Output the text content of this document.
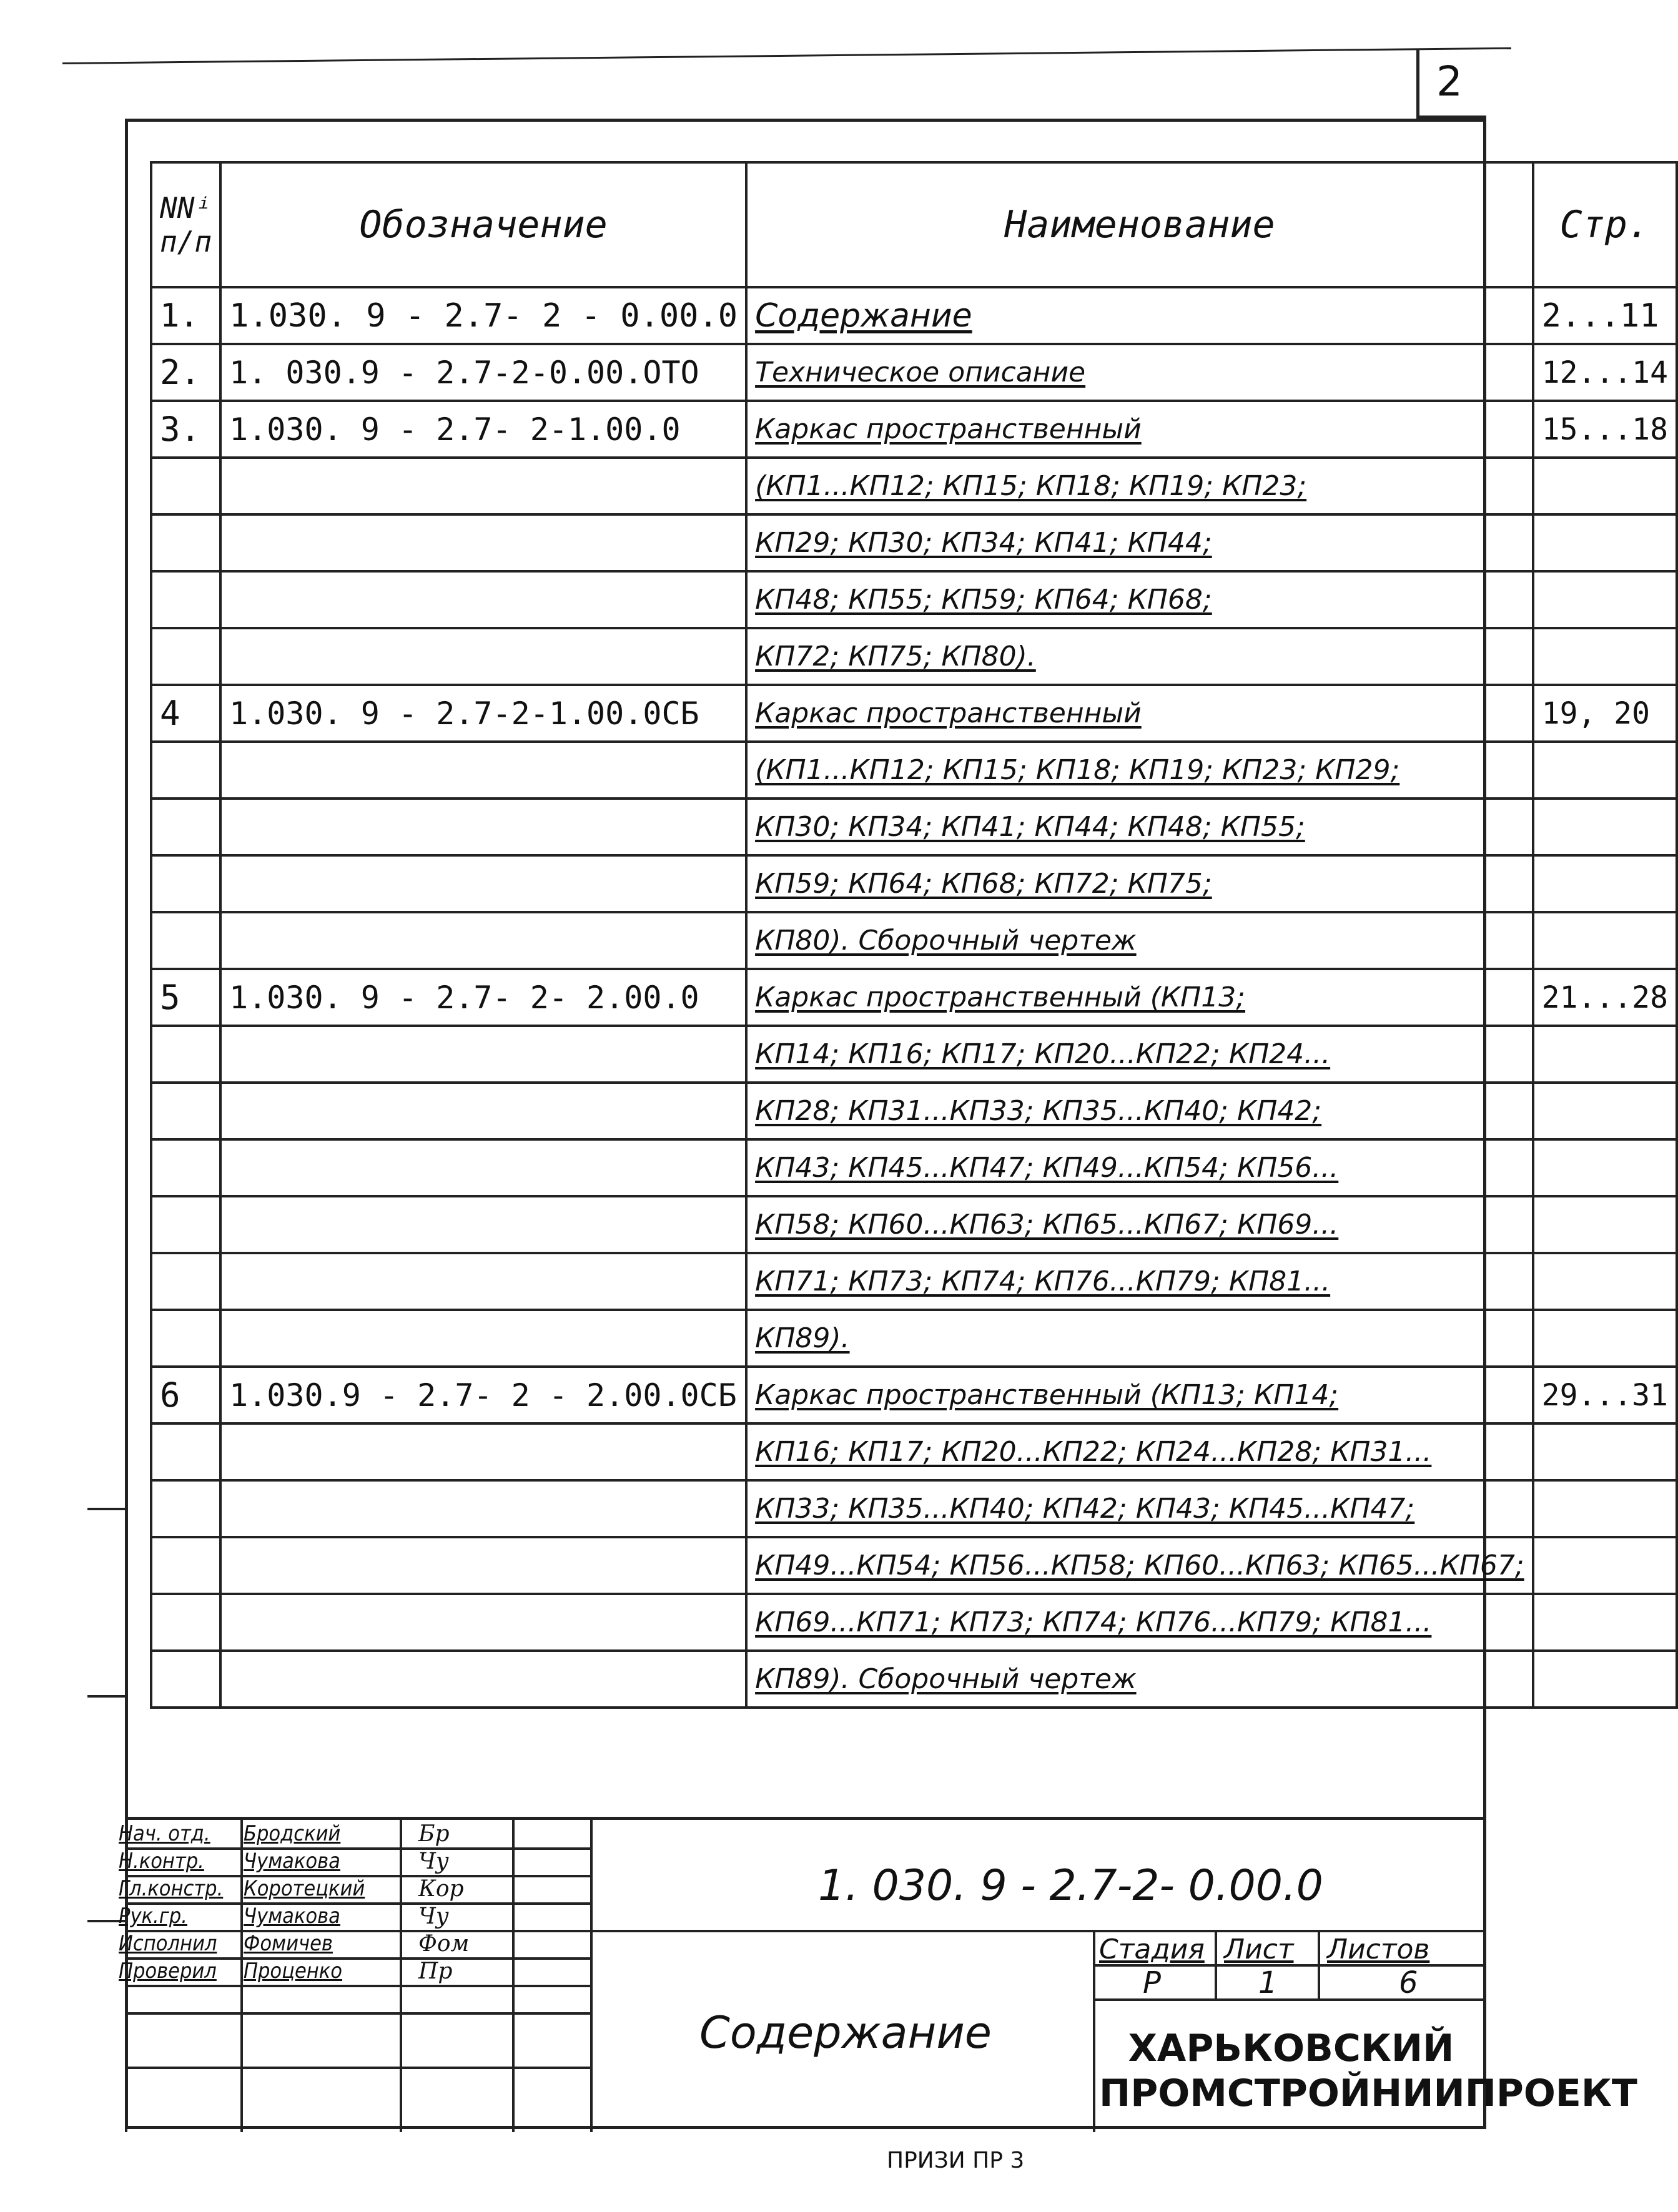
2
NNⁱ п/п	Обозначение	Наименование	Стр.
1.	1.030. 9 - 2.7- 2 - 0.00.0	Содержание	2...11
2.	1. 030.9 - 2.7-2-0.00.ОТО	Техническое описание	12...14
3.	1.030. 9 - 2.7- 2-1.00.0	Каркас пространственный	15...18
		(КП1...КП12; КП15; КП18; КП19; КП23;	
		КП29; КП30; КП34; КП41; КП44;	
		КП48; КП55; КП59; КП64; КП68;	
		КП72; КП75; КП80).	
4	1.030. 9 - 2.7-2-1.00.0СБ	Каркас пространственный	19, 20
		(КП1...КП12; КП15; КП18; КП19; КП23; КП29;	
		КП30; КП34; КП41; КП44; КП48; КП55;	
		КП59; КП64; КП68; КП72; КП75;	
		КП80). Сборочный чертеж	
5	1.030. 9 - 2.7- 2- 2.00.0	Каркас пространственный (КП13;	21...28
		КП14; КП16; КП17; КП20...КП22; КП24...	
		КП28; КП31...КП33; КП35...КП40; КП42;	
		КП43; КП45...КП47; КП49...КП54; КП56...	
		КП58; КП60...КП63; КП65...КП67; КП69...	
		КП71; КП73; КП74; КП76...КП79; КП81...	
		КП89).	
6	1.030.9 - 2.7- 2 - 2.00.0СБ	Каркас пространственный (КП13; КП14;	29...31
		КП16; КП17; КП20...КП22; КП24...КП28; КП31...	
		КП33; КП35...КП40; КП42; КП43; КП45...КП47;	
		КП49...КП54; КП56...КП58; КП60...КП63; КП65...КП67;	
		КП69...КП71; КП73; КП74; КП76...КП79; КП81...	
		КП89). Сборочный чертеж	
Нач. отд. Бродский	Бр
Н.контр. Чумакова	Чу
Гл.констр. Коротецкий Кор
Рук.гр.	Чумакова	Чу
Исполнил Фомичев	Фом
Проверил Проценко	Пр
1. 030. 9 - 2.7-2- 0.00.0
Содержание
Стадия Лист Листов
Р	1	6
ХАРЬКОВСКИЙ
ПРОМСТРОЙНИИПРОЕКТ
ПРИЗИ ПР 3
